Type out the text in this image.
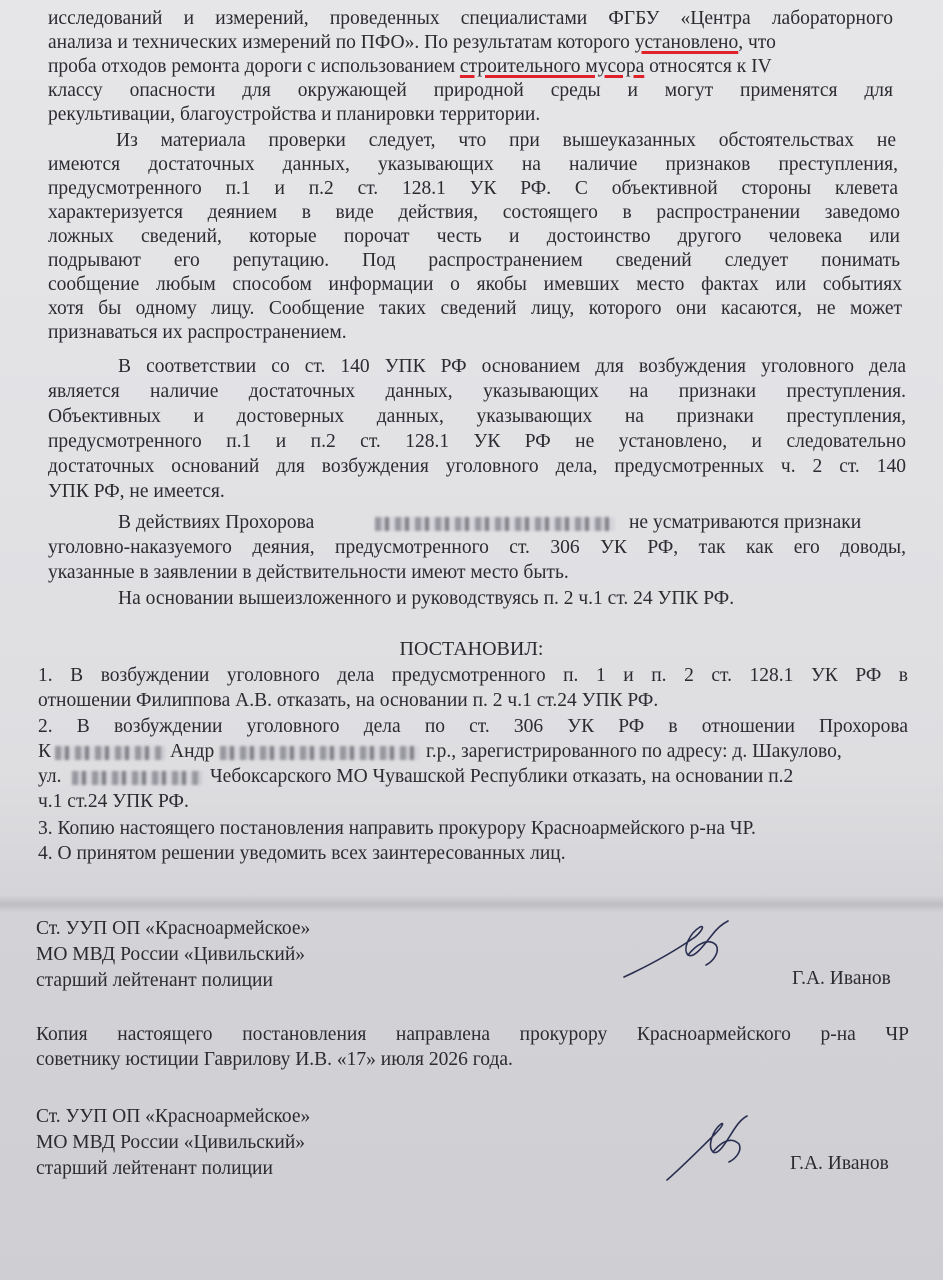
исследований и измерений, проведенных специалистами ФГБУ «Центра лабораторного
анализа и технических измерений по ПФО». По результатам которого установлено, что
проба отходов ремонта дороги с использованием строительного мусора относятся к IV
классу опасности для окружающей природной среды и могут применятся для
рекультивации, благоустройства и планировки территории.
Из материала проверки следует, что при вышеуказанных обстоятельствах не
имеются достаточных данных, указывающих на наличие признаков преступления,
предусмотренного п.1 и п.2 ст. 128.1 УК РФ. С объективной стороны клевета
характеризуется деянием в виде действия, состоящего в распространении заведомо
ложных сведений, которые порочат честь и достоинство другого человека или
подрывают его репутацию. Под распространением сведений следует понимать
сообщение любым способом информации о якобы имевших место фактах или событиях
хотя бы одному лицу. Сообщение таких сведений лицу, которого они касаются, не может
признаваться их распространением.
В соответствии со ст. 140 УПК РФ основанием для возбуждения уголовного дела
является наличие достаточных данных, указывающих на признаки преступления.
Объективных и достоверных данных, указывающих на признаки преступления,
предусмотренного п.1 и п.2 ст. 128.1 УК РФ не установлено, и следовательно
достаточных оснований для возбуждения уголовного дела, предусмотренных ч. 2 ст. 140
УПК РФ, не имеется.
В действиях Прохорова	не усматриваются признаки
уголовно-наказуемого деяния, предусмотренного ст. 306 УК РФ, так как его доводы,
указанные в заявлении в действительности имеют место быть.
На основании вышеизложенного и руководствуясь п. 2 ч.1 ст. 24 УПК РФ.
ПОСТАНОВИЛ:
1. В возбуждении уголовного дела предусмотренного п. 1 и п. 2 ст. 128.1 УК РФ в
отношении Филиппова А.В. отказать, на основании п. 2 ч.1 ст.24 УПК РФ.
2. В возбуждении уголовного дела по ст. 306 УК РФ в отношении Прохорова
К	Андр	г.р., зарегистрированного по адресу: д. Шакулово,
ул.	Чебоксарского МО Чувашской Республики отказать, на основании п.2
ч.1 ст.24 УПК РФ.
3. Копию настоящего постановления направить прокурору Красноармейского р-на ЧР.
4. О принятом решении уведомить всех заинтересованных лиц.
Ст. УУП ОП «Красноармейское»
МО МВД России «Цивильский»
старший лейтенант полиции	Г.А. Иванов
Копия настоящего постановления направлена прокурору Красноармейского р-на ЧР
советнику юстиции Гаврилову И.В. «17» июля 2026 года.
Ст. УУП ОП «Красноармейское»
МО МВД России «Цивильский»
старший лейтенант полиции	Г.А. Иванов
